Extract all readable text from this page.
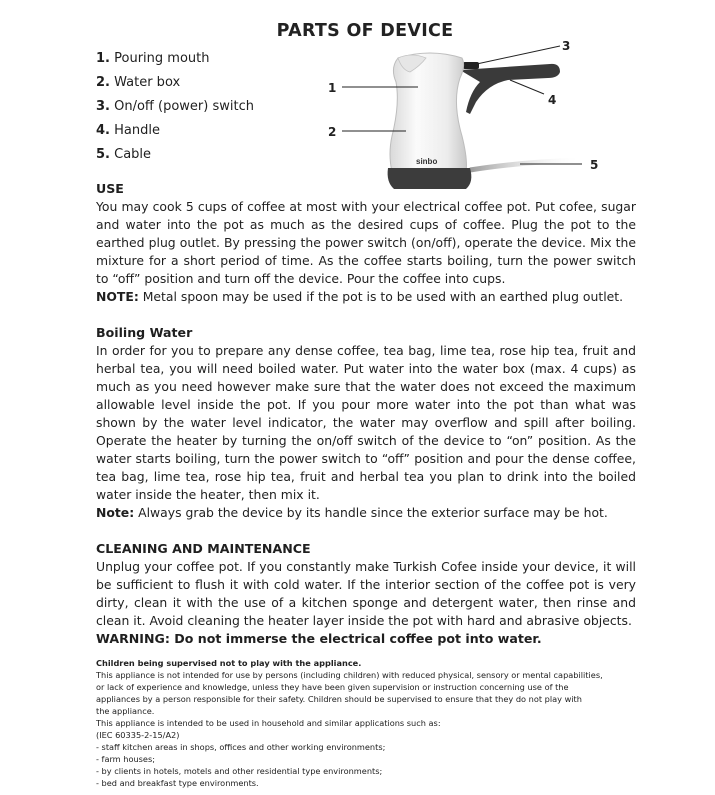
PARTS OF DEVICE
1. Pouring mouth
2. Water box
3. On/off (power) switch
4. Handle
5. Cable	sinbo
1
2
3
4
5
USE
You may cook 5 cups of coffee at most with your electrical coffee pot. Put cofee, sugar and water into the pot as much as the desired cups of coffee. Plug the pot to the earthed plug outlet. By pressing the power switch (on/off), operate the device. Mix the mixture for a short period of time. As the coffee starts boiling, turn the power switch to “off” position and turn off the device. Pour the coffee into cups.
NOTE: Metal spoon may be used if the pot is to be used with an earthed plug outlet.
Boiling Water
In order for you to prepare any dense coffee, tea bag, lime tea, rose hip tea, fruit and herbal tea, you will need boiled water. Put water into the water box (max. 4 cups) as much as you need however make sure that the water does not exceed the maximum allowable level inside the pot. If you pour more water into the pot than what was shown by the water level indicator, the water may overflow and spill after boiling. Operate the heater by turning the on/off switch of the device to “on” position. As the water starts boiling, turn the power switch to “off” position and pour the dense coffee, tea bag, lime tea, rose hip tea, fruit and herbal tea you plan to drink into the boiled water inside the heater, then mix it.
Note: Always grab the device by its handle since the exterior surface may be hot.
CLEANING AND MAINTENANCE
Unplug your coffee pot. If you constantly make Turkish Cofee inside your device, it will be sufficient to flush it with cold water. If the interior section of the coffee pot is very dirty, clean it with the use of a kitchen sponge and detergent water, then rinse and clean it. Avoid cleaning the heater layer inside the pot with hard and abrasive objects.
WARNING: Do not immerse the electrical coffee pot into water.
Children being supervised not to play with the appliance.
This appliance is not intended for use by persons (including children) with reduced physical, sensory or mental capabilities,
or lack of experience and knowledge, unless they have been given supervision or instruction concerning use of the
appliances by a person responsible for their safety. Children should be supervised to ensure that they do not play with
the appliance.
This appliance is intended to be used in household and similar applications such as:
(IEC 60335-2-15/A2)
- staff kitchen areas in shops, offices and other working environments;
- farm houses;
- by clients in hotels, motels and other residential type environments;
- bed and breakfast type environments.
